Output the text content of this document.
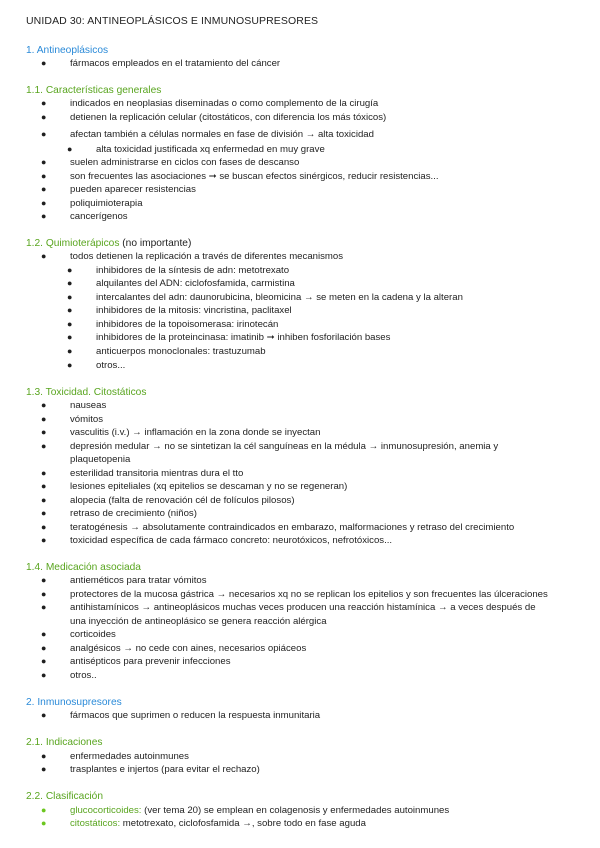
UNIDAD 30: ANTINEOPLÁSICOS E INMUNOSUPRESORES
1. Antineoplásicos
● fármacos empleados en el tratamiento del cáncer
1.1. Características generales
● indicados en neoplasias diseminadas o como complemento de la cirugía
● detienen la replicación celular (citostáticos, con diferencia los más tóxicos)
● afectan también a células normales en fase de división → alta toxicidad
● alta toxicidad justificada xq enfermedad en muy grave
● suelen administrarse en ciclos con fases de descanso
● son frecuentes las asociaciones ➞ se buscan efectos sinérgicos, reducir resistencias...
● pueden aparecer resistencias
● poliquimioterapia
● cancerígenos
1.2. Quimioterápicos (no importante)
● todos detienen la replicación a través de diferentes mecanismos
● inhibidores de la síntesis de adn: metotrexato
● alquilantes del ADN: ciclofosfamida, carmistina
● intercalantes del adn: daunorubicina, bleomicina → se meten en la cadena y la alteran
● inhibidores de la mitosis: vincristina, paclitaxel
● inhibidores de la topoisomerasa: irinotecán
● inhibidores de la proteincinasa: imatinib ➞ inhiben fosforilación bases
● anticuerpos monoclonales: trastuzumab
● otros...
1.3. Toxicidad. Citostáticos
● nauseas
● vómitos
● vasculitis (i.v.) → inflamación en la zona donde se inyectan
● depresión medular → no se sintetizan la cél sanguíneas en la médula → inmunosupresión, anemia y
plaquetopenia
● esterilidad transitoria mientras dura el tto
● lesiones epiteliales (xq epitelios se descaman y no se regeneran)
● alopecia (falta de renovación cél de folículos pilosos)
● retraso de crecimiento (niños)
● teratogénesis → absolutamente contraindicados en embarazo, malformaciones y retraso del crecimiento
● toxicidad específica de cada fármaco concreto: neurotóxicos, nefrotóxicos...
1.4. Medicación asociada
● antieméticos para tratar vómitos
● protectores de la mucosa gástrica → necesarios xq no se replican los epitelios y son frecuentes las úlceraciones
● antihistamínicos → antineoplásicos muchas veces producen una reacción histamínica → a veces después de
una inyección de antineoplásico se genera reacción alérgica
● corticoides
● analgésicos → no cede con aines, necesarios opiáceos
● antisépticos para prevenir infecciones
● otros..
2. Inmunosupresores
● fármacos que suprimen o reducen la respuesta inmunitaria
2.1. Indicaciones
● enfermedades autoinmunes
● trasplantes e injertos (para evitar el rechazo)
2.2. Clasificación
● glucocorticoides: (ver tema 20) se emplean en colagenosis y enfermedades autoinmunes
● citostáticos: metotrexato, ciclofosfamida →, sobre todo en fase aguda
